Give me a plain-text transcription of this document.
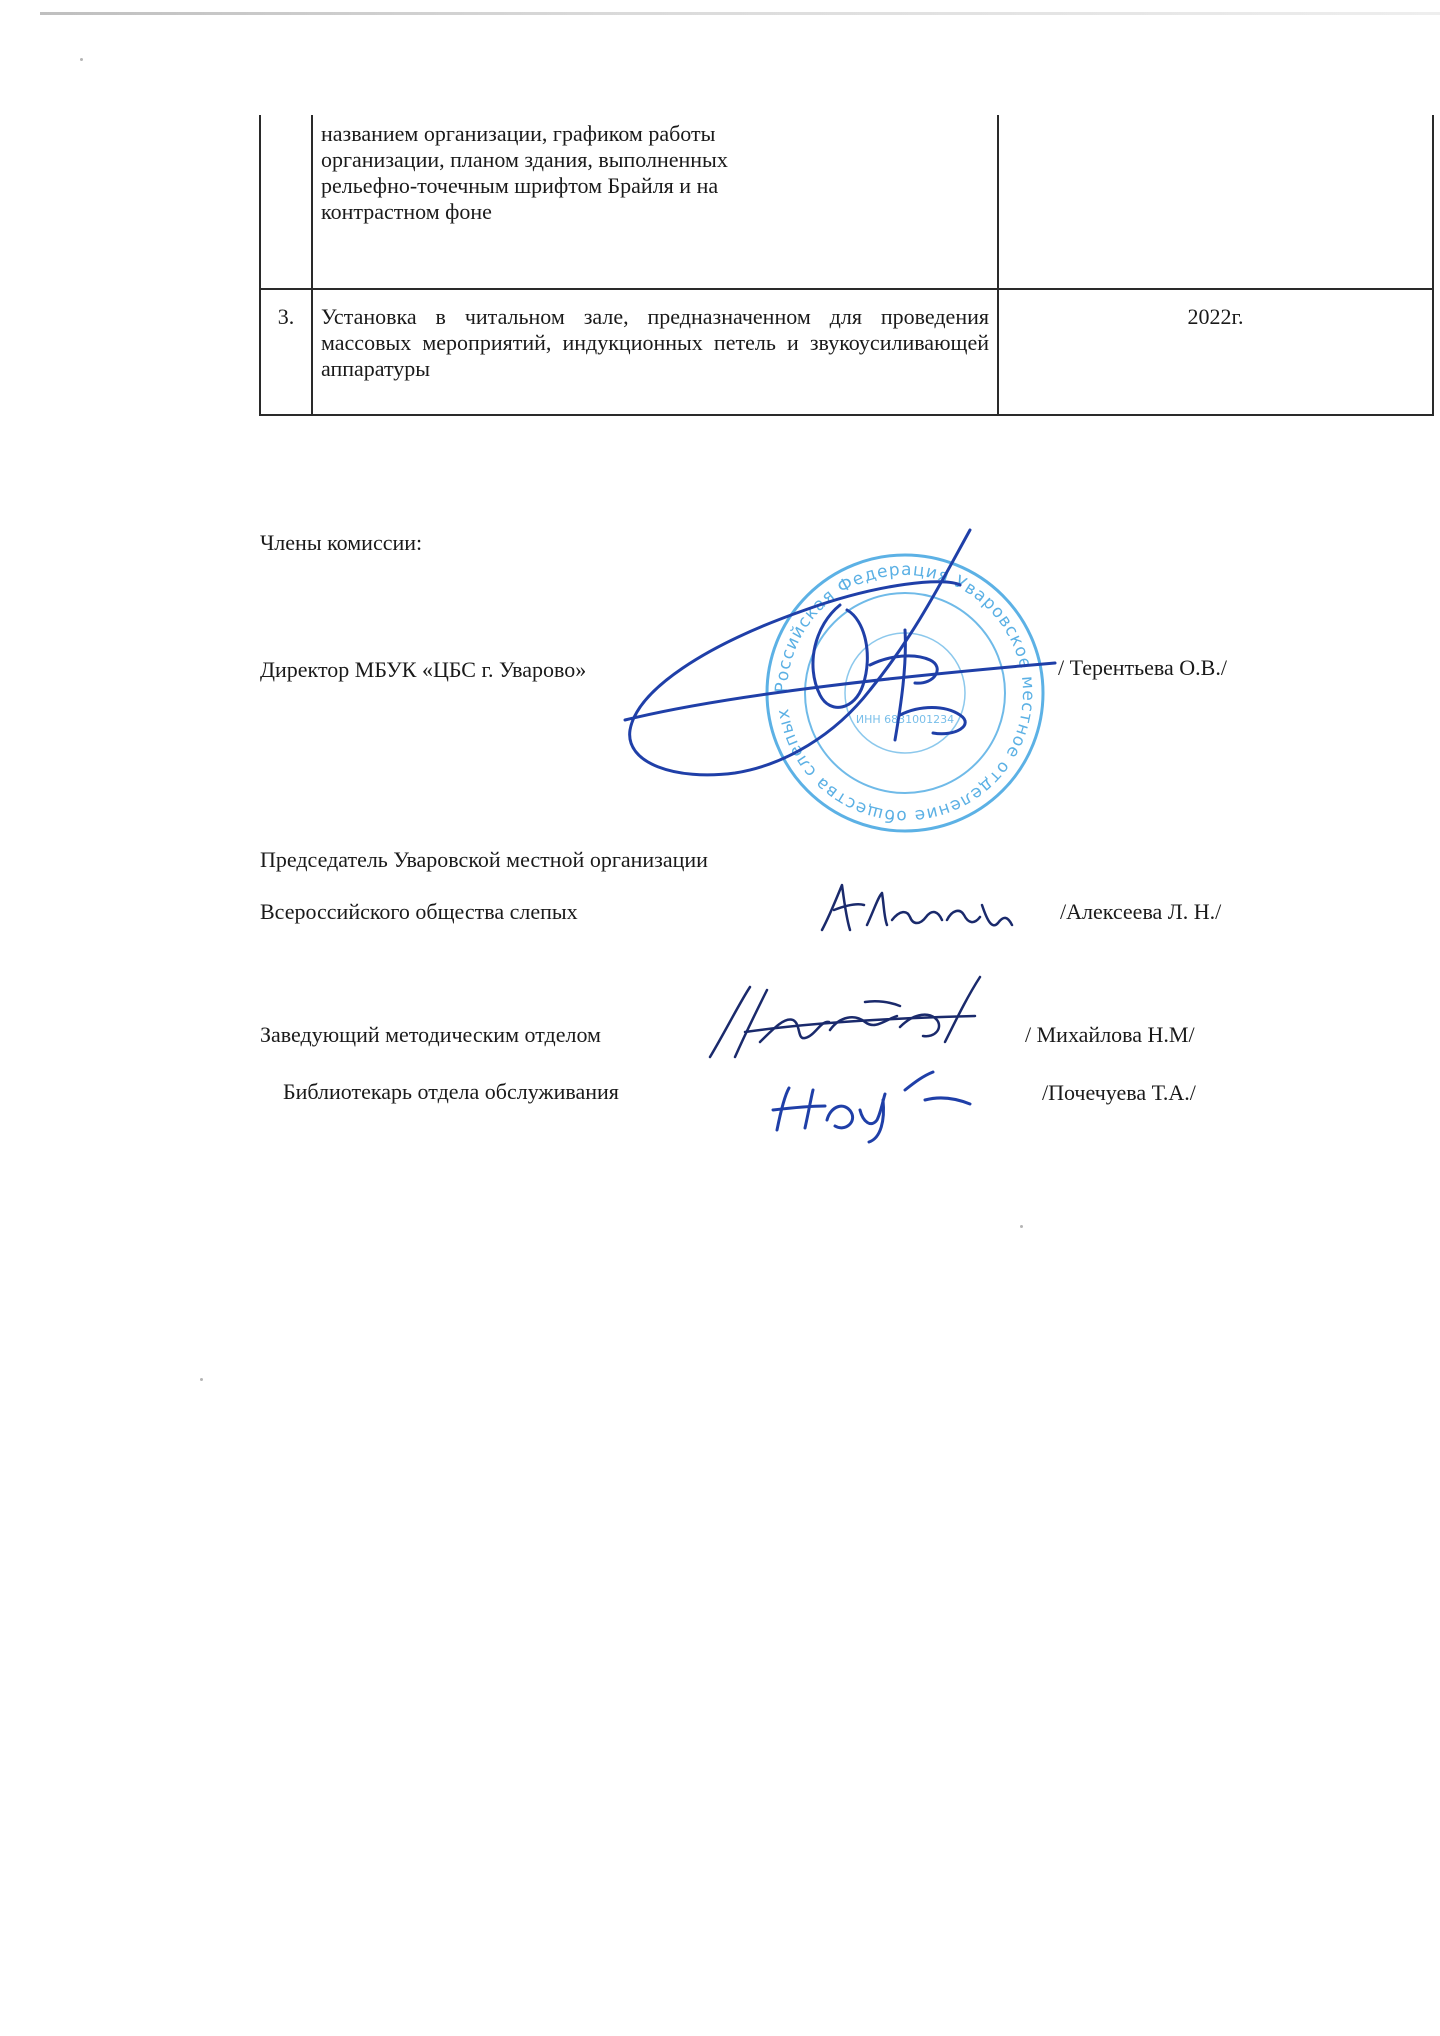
	названием организации, графиком работы
организации, планом здания, выполненных
рельефно-точечным шрифтом Брайля и на
контрастном фоне	

3.	Установка в читальном зале, предназначенном для проведения массовых мероприятий, индукционных петель и звукоусиливающей аппаратуры	2022г.
Члены комиссии:
Директор МБУК «ЦБС г. Уварово»	/ Терентьева О.В./
Председатель Уваровской местной организации
Всероссийского общества слепых	/Алексеева Л. Н./
Заведующий методическим отделом	/ Михайлова Н.М/
Библиотекарь отдела обслуживания	/Почечуева Т.А./
Российская Федерация Уваровское местное отделение общества слепых	ИНН 6831001234
